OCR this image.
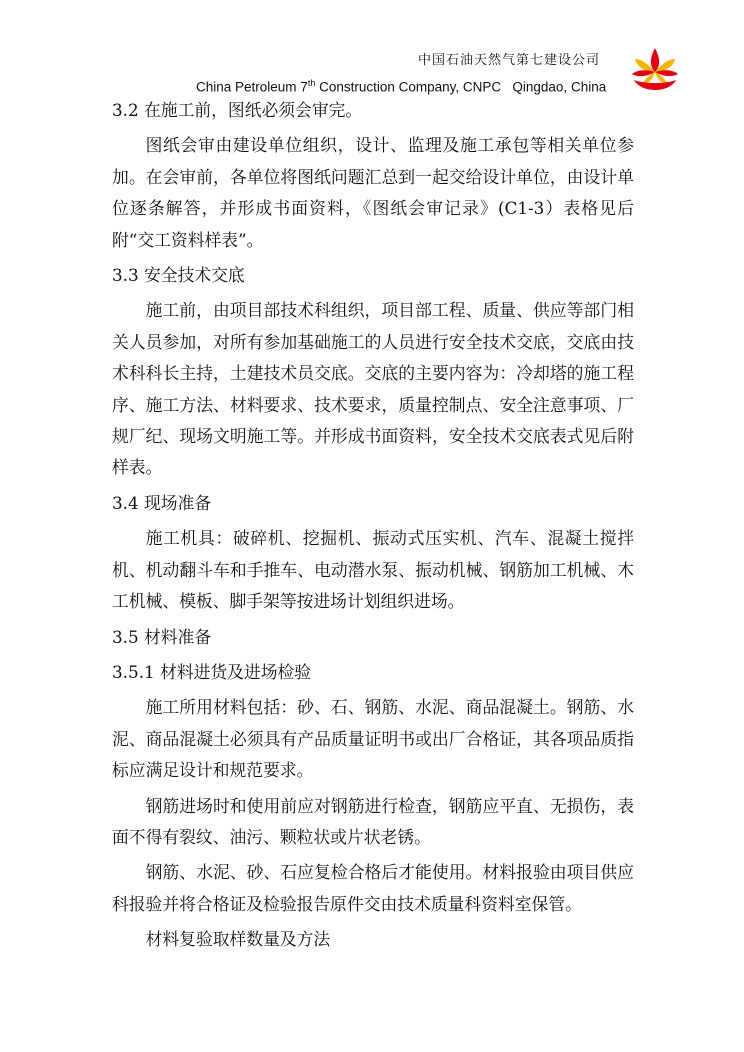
中国石油天然气第七建设公司
China Petroleum 7th Construction Company, CNPC   Qingdao, China

3.2 在施工前，图纸必须会审完。

图纸会审由建设单位组织，设计、监理及施工承包等相关单位参加。在会审前，各单位将图纸问题汇总到一起交给设计单位，由设计单位逐条解答，并形成书面资料，《图纸会审记录》(C1-3）表格见后附“交工资料样表”。

3.3 安全技术交底

施工前，由项目部技术科组织，项目部工程、质量、供应等部门相关人员参加，对所有参加基础施工的人员进行安全技术交底，交底由技术科科长主持，土建技术员交底。交底的主要内容为：冷却塔的施工程序、施工方法、材料要求、技术要求，质量控制点、安全注意事项、厂规厂纪、现场文明施工等。并形成书面资料，安全技术交底表式见后附样表。

3.4 现场准备

施工机具：破碎机、挖掘机、振动式压实机、汽车、混凝土搅拌机、机动翻斗车和手推车、电动潜水泵、振动机械、钢筋加工机械、木工机械、模板、脚手架等按进场计划组织进场。

3.5 材料准备

3.5.1 材料进货及进场检验

施工所用材料包括：砂、石、钢筋、水泥、商品混凝土。钢筋、水泥、商品混凝土必须具有产品质量证明书或出厂合格证，其各项品质指标应满足设计和规范要求。

钢筋进场时和使用前应对钢筋进行检查，钢筋应平直、无损伤，表面不得有裂纹、油污、颗粒状或片状老锈。

钢筋、水泥、砂、石应复检合格后才能使用。材料报验由项目供应科报验并将合格证及检验报告原件交由技术质量科资料室保管。

材料复验取样数量及方法
